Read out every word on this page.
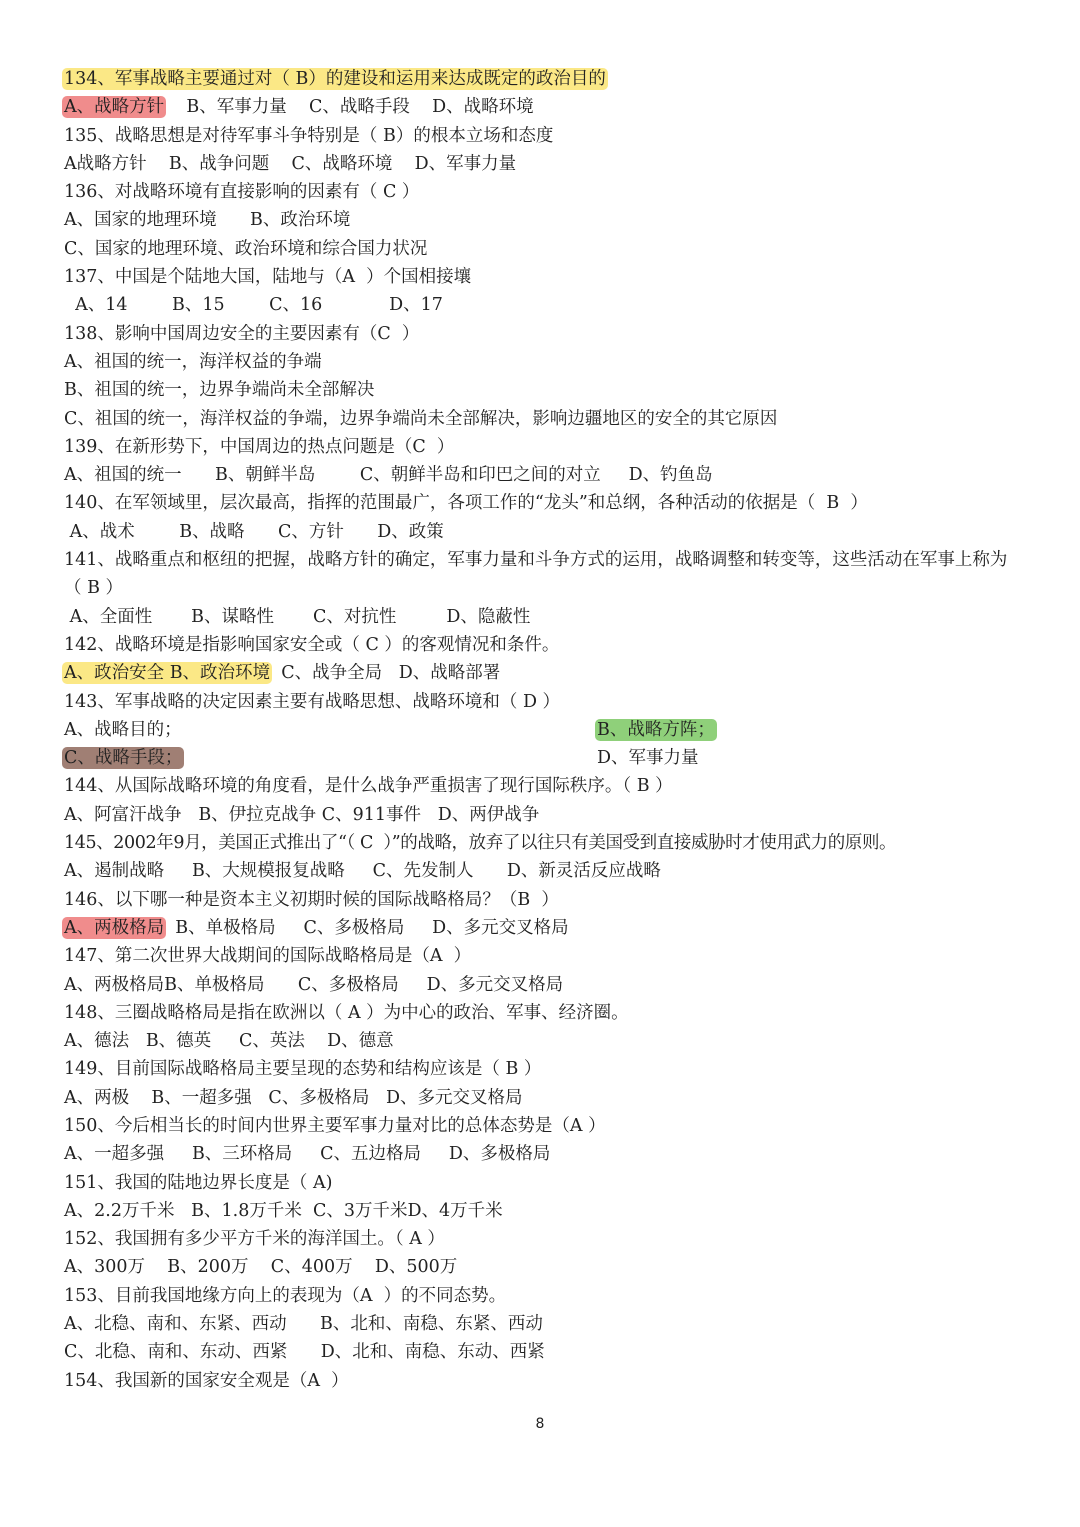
134、军事战略主要通过对（ B）的建设和运用来达成既定的政治目的
A、战略方针    B、军事力量    C、战略手段    D、战略环境
135、战略思想是对待军事斗争特别是（ B）的根本立场和态度
A战略方针    B、战争问题    C、战略环境    D、军事力量
136、对战略环境有直接影响的因素有（ C ）
A、国家的地理环境      B、政治环境
C、国家的地理环境、政治环境和综合国力状况
137、中国是个陆地大国，陆地与（A  ）个国相接壤
A、14        B、15        C、16            D、17
138、影响中国周边安全的主要因素有（C  ）
A、祖国的统一，海洋权益的争端
B、祖国的统一，边界争端尚未全部解决
C、祖国的统一，海洋权益的争端，边界争端尚未全部解决，影响边疆地区的安全的其它原因
139、在新形势下，中国周边的热点问题是（C  ）
A、祖国的统一      B、朝鲜半岛        C、朝鲜半岛和印巴之间的对立     D、钓鱼岛
140、在军领域里，层次最高，指挥的范围最广，各项工作的“龙头”和总纲，各种活动的依据是（  B  ）
A、战术        B、战略      C、方针      D、政策
141、战略重点和枢纽的把握，战略方针的确定，军事力量和斗争方式的运用，战略调整和转变等，这些活动在军事上称为（ B ）
A、全面性       B、谋略性       C、对抗性         D、隐蔽性
142、战略环境是指影响国家安全或（ C ）的客观情况和条件。
A、政治安全 B、政治环境  C、战争全局   D、战略部署
143、军事战略的决定因素主要有战略思想、战略环境和（ D ）
A、战略目的；	B、战略方阵；
C、战略手段；	D、军事力量
144、从国际战略环境的角度看，是什么战争严重损害了现行国际秩序。（ B ）
A、阿富汗战争   B、伊拉克战争 C、911事件   D、两伊战争
145、2002年9月，美国正式推出了“（ C  ）”的战略，放弃了以往只有美国受到直接威胁时才使用武力的原则。
A、遏制战略     B、大规模报复战略     C、先发制人      D、新灵活反应战略
146、以下哪一种是资本主义初期时候的国际战略格局？（B  ）
A、两极格局  B、单极格局     C、多极格局     D、多元交叉格局
147、第二次世界大战期间的国际战略格局是（A  ）
A、两极格局B、单极格局      C、多极格局     D、多元交叉格局
148、三圈战略格局是指在欧洲以（ A ）为中心的政治、军事、经济圈。
A、德法   B、德英     C、英法    D、德意
149、目前国际战略格局主要呈现的态势和结构应该是（ B ）
A、两极    B、一超多强   C、多极格局   D、多元交叉格局
150、今后相当长的时间内世界主要军事力量对比的总体态势是（A ）
A、一超多强     B、三环格局     C、五边格局     D、多极格局
151、我国的陆地边界长度是（ A)
A、2.2万千米   B、1.8万千米  C、3万千米D、4万千米
152、我国拥有多少平方千米的海洋国土。（ A ）
A、300万    B、200万    C、400万    D、500万
153、目前我国地缘方向上的表现为（A  ）的不同态势。
A、北稳、南和、东紧、西动      B、北和、南稳、东紧、西动
C、北稳、南和、东动、西紧      D、北和、南稳、东动、西紧
154、我国新的国家安全观是（A  ）
8
